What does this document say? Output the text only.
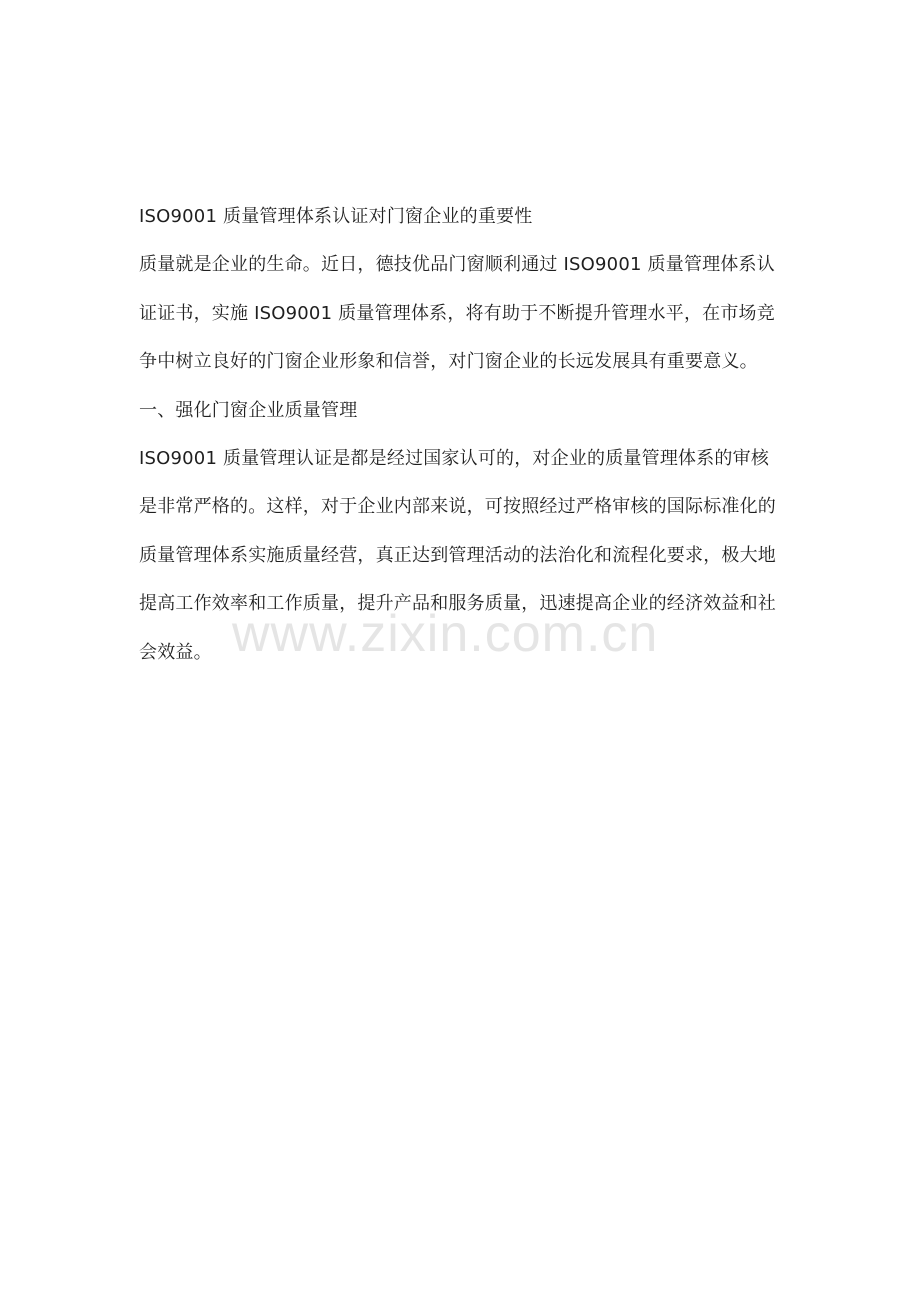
ISO9001 质量管理体系认证对门窗企业的重要性
质量就是企业的生命。近日，德技优品门窗顺利通过 ISO9001 质量管理体系认
证证书，实施 ISO9001 质量管理体系，将有助于不断提升管理水平，在市场竞
争中树立良好的门窗企业形象和信誉，对门窗企业的长远发展具有重要意义。
一、强化门窗企业质量管理
ISO9001 质量管理认证是都是经过国家认可的，对企业的质量管理体系的审核
是非常严格的。这样，对于企业内部来说，可按照经过严格审核的国际标准化的
质量管理体系实施质量经营，真正达到管理活动的法治化和流程化要求，极大地
提高工作效率和工作质量，提升产品和服务质量，迅速提高企业的经济效益和社
会效益。 www.zixin.com.cn
